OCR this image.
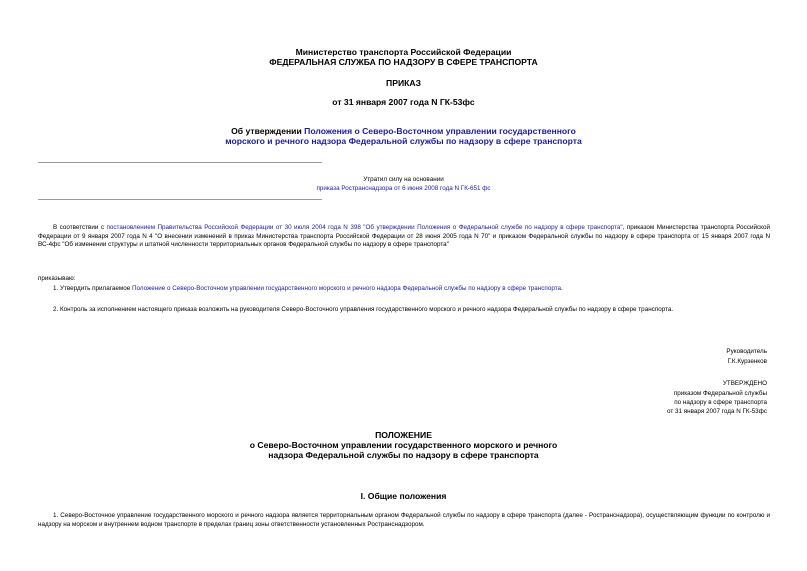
Министерство транспорта Российской Федерации
ФЕДЕРАЛЬНАЯ СЛУЖБА ПО НАДЗОРУ В СФЕРЕ ТРАНСПОРТА
ПРИКАЗ
от 31 января 2007 года N ГК-53фс
Об утверждении Положения о Северо-Восточном управлении государственного
морского и речного надзора Федеральной службы по надзору в сфере транспорта
Утратил силу на основании
приказа Ространснадзора от 6 июня 2008 года N ГК-651 фс
В соответствии с постановлением Правительства Российской Федерации от 30 июля 2004 года N 398 "Об утверждении Положения о Федеральной службе по надзору в сфере транспорта", приказом Министерства транспорта Российской Федерации от 9 января 2007 года N 4 "О внесении изменений в приказ Министерства транспорта Российской Федерации от 28 июня 2005 года N 70" и приказом Федеральной службы по надзору в сфере транспорта от 15 января 2007 года N ВС-4фс "Об изменении структуры и штатной численности территориальных органов Федеральной службы по надзору в сфере транспорта"
приказываю:
1. Утвердить прилагаемое Положение о Северо-Восточном управлении государственного морского и речного надзора Федеральной службы по надзору в сфере транспорта.
2. Контроль за исполнением настоящего приказа возложить на руководителя Северо-Восточного управления государственного морского и речного надзора Федеральной службы по надзору в сфере транспорта.
Руководитель
Г.К.Курзенков
УТВЕРЖДЕНО
приказом Федеральной службы
по надзору в сфере транспорта
от 31 января 2007 года N ГК-53фс
ПОЛОЖЕНИЕ
о Северо-Восточном управлении государственного морского и речного
надзора Федеральной службы по надзору в сфере транспорта
I. Общие положения
1. Северо-Восточное управление государственного морского и речного надзора является территориальным органом Федеральной службы по надзору в сфере транспорта (далее - Ространснадзора), осуществляющим функции по контролю и надзору на морском и внутреннем водном транспорте в пределах границ зоны ответственности установленных Ространснадзором.
